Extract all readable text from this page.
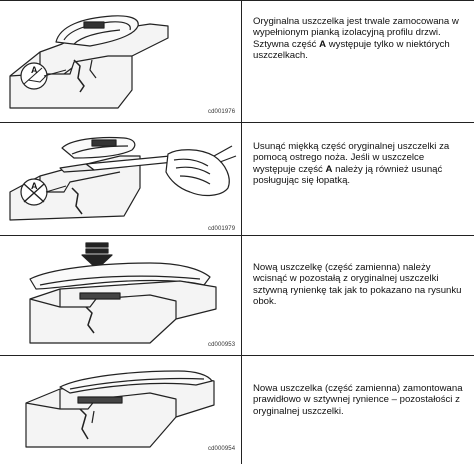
A
cd001976
Oryginalna uszczelka jest trwale zamocowana w wypełnionym pianką izolacyjną profilu drzwi. Sztywna część A występuje tylko w niektórych uszczelkach.
A
cd001979
Usunąć miękką część oryginalnej uszczelki za pomocą ostrego noża. Jeśli w uszczelce występuje część A należy ją również usunąć posługując się łopatką.
cd000953
Nową uszczelkę (część zamienna) należy wcisnąć w pozostałą z oryginalnej uszczelki sztywną rynienkę tak jak to pokazano na rysunku obok.
cd000954
Nowa uszczelka (część zamienna) zamontowana prawidłowo w sztywnej rynience – pozostałości z oryginalnej uszczelki.
